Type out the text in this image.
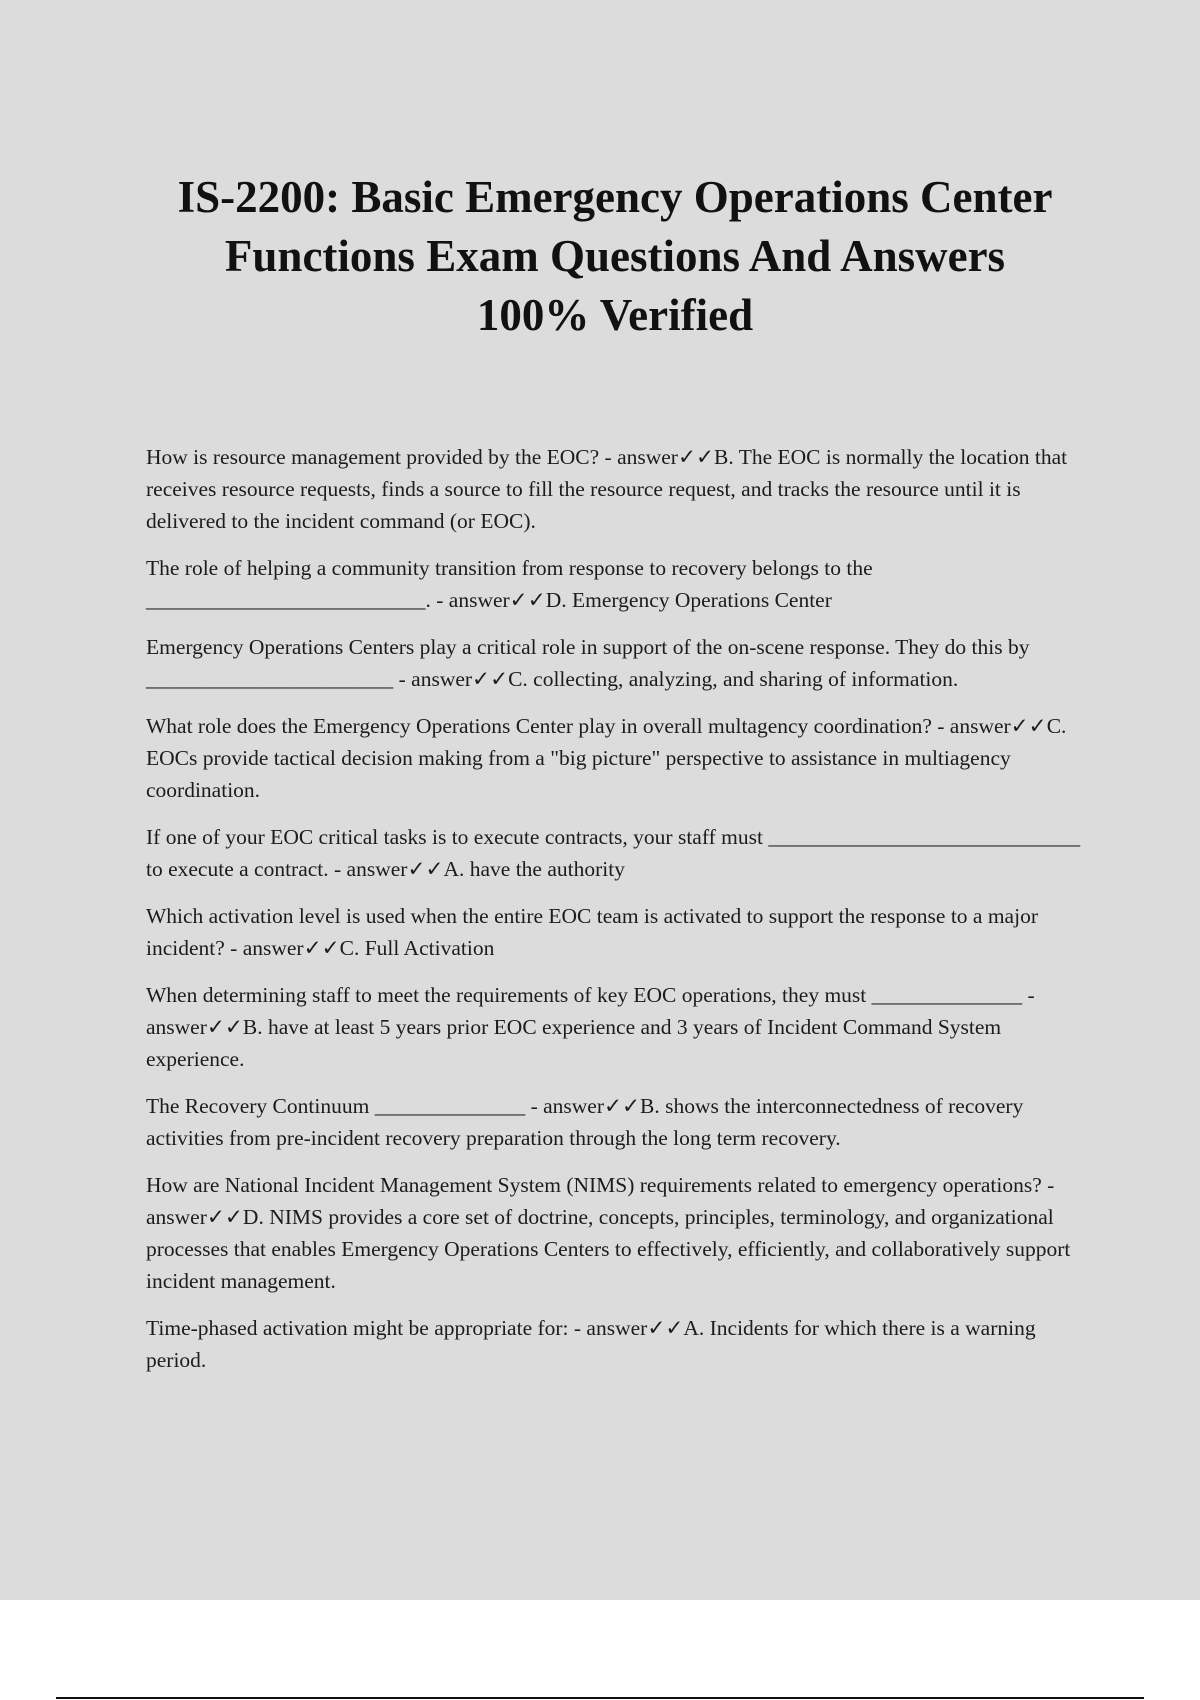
IS-2200: Basic Emergency Operations Center
Functions Exam Questions And Answers
100% Verified

How is resource management provided by the EOC? - answer✓✓B. The EOC is normally the location that receives resource requests, finds a source to fill the resource request, and tracks the resource until it is delivered to the incident command (or EOC).

The role of helping a community transition from response to recovery belongs to the __________________________. - answer✓✓D. Emergency Operations Center

Emergency Operations Centers play a critical role in support of the on-scene response. They do this by _______________________ - answer✓✓C. collecting, analyzing, and sharing of information.

What role does the Emergency Operations Center play in overall multagency coordination? - answer✓✓C. EOCs provide tactical decision making from a "big picture" perspective to assistance in multiagency coordination.

If one of your EOC critical tasks is to execute contracts, your staff must _____________________________ to execute a contract. - answer✓✓A. have the authority

Which activation level is used when the entire EOC team is activated to support the response to a major incident? - answer✓✓C. Full Activation

When determining staff to meet the requirements of key EOC operations, they must ______________ - answer✓✓B. have at least 5 years prior EOC experience and 3 years of Incident Command System experience.

The Recovery Continuum ______________ - answer✓✓B. shows the interconnectedness of recovery activities from pre-incident recovery preparation through the long term recovery.

How are National Incident Management System (NIMS) requirements related to emergency operations? - answer✓✓D. NIMS provides a core set of doctrine, concepts, principles, terminology, and organizational processes that enables Emergency Operations Centers to effectively, efficiently, and collaboratively support incident management.

Time-phased activation might be appropriate for: - answer✓✓A. Incidents for which there is a warning period.
